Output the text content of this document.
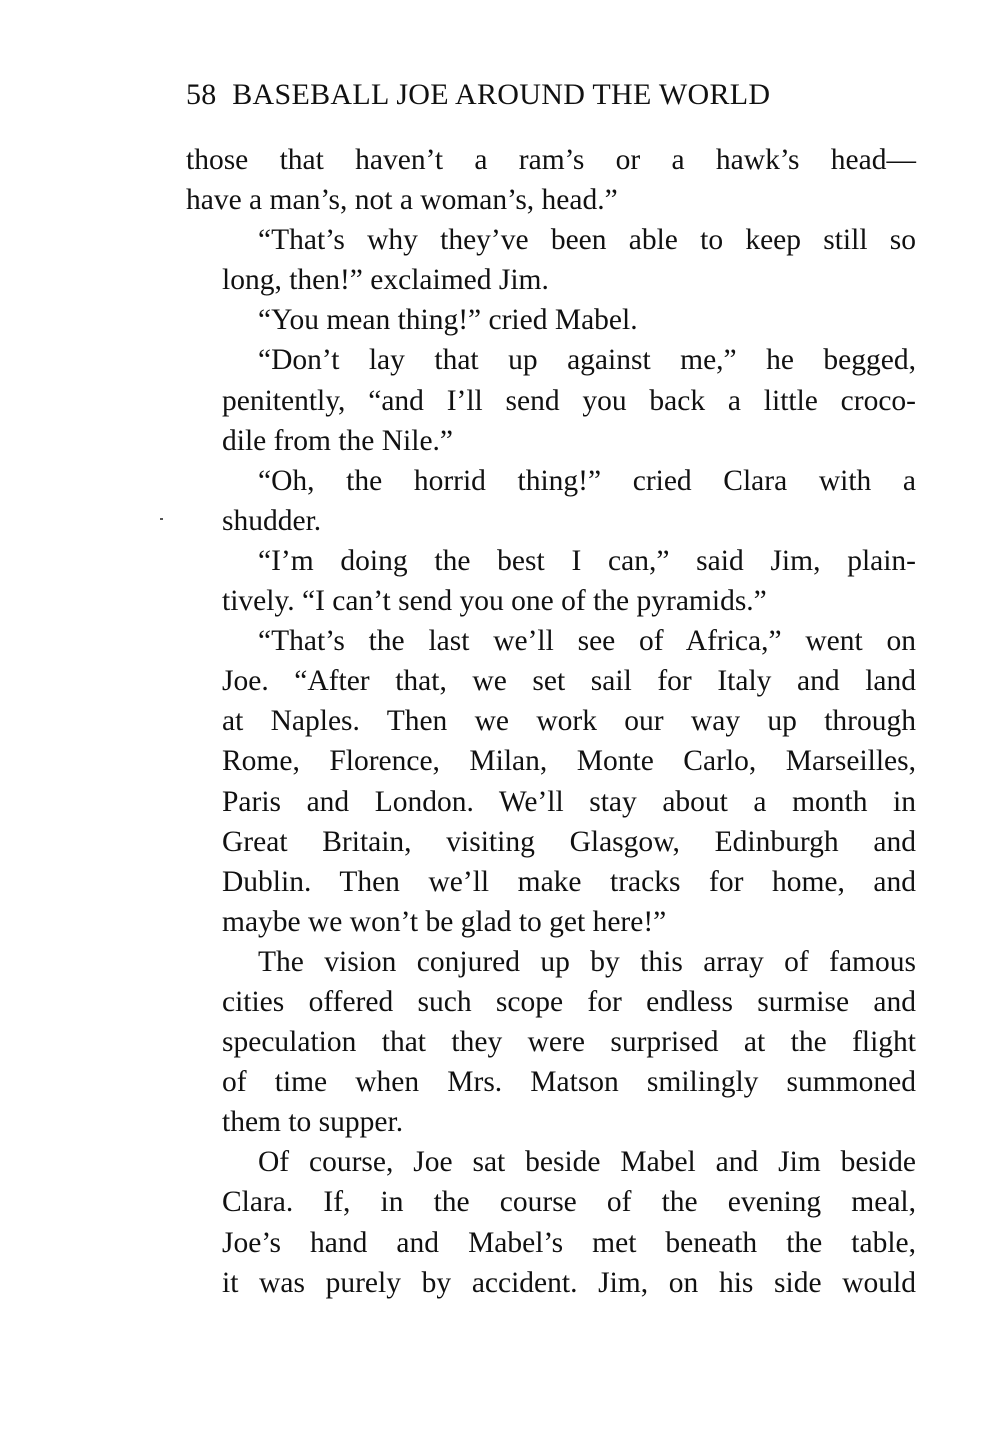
58 BASEBALL JOE AROUND THE WORLD
those that haven’t a ram’s or a hawk’s head—
have a man’s, not a woman’s, head.”
“That’s why they’ve been able to keep still so
long, then!” exclaimed Jim.
“You mean thing!” cried Mabel.
“Don’t lay that up against me,” he begged,
penitently, “and I’ll send you back a little croco-
dile from the Nile.”
“Oh, the horrid thing!” cried Clara with a
shudder.
“I’m doing the best I can,” said Jim, plain-
tively. “I can’t send you one of the pyramids.”
“That’s the last we’ll see of Africa,” went on
Joe. “After that, we set sail for Italy and land
at Naples. Then we work our way up through
Rome, Florence, Milan, Monte Carlo, Marseilles,
Paris and London. We’ll stay about a month in
Great Britain, visiting Glasgow, Edinburgh and
Dublin. Then we’ll make tracks for home, and
maybe we won’t be glad to get here!”
The vision conjured up by this array of famous
cities offered such scope for endless surmise and
speculation that they were surprised at the flight
of time when Mrs. Matson smilingly summoned
them to supper.
Of course, Joe sat beside Mabel and Jim beside
Clara. If, in the course of the evening meal,
Joe’s hand and Mabel’s met beneath the table,
it was purely by accident. Jim, on his side would
